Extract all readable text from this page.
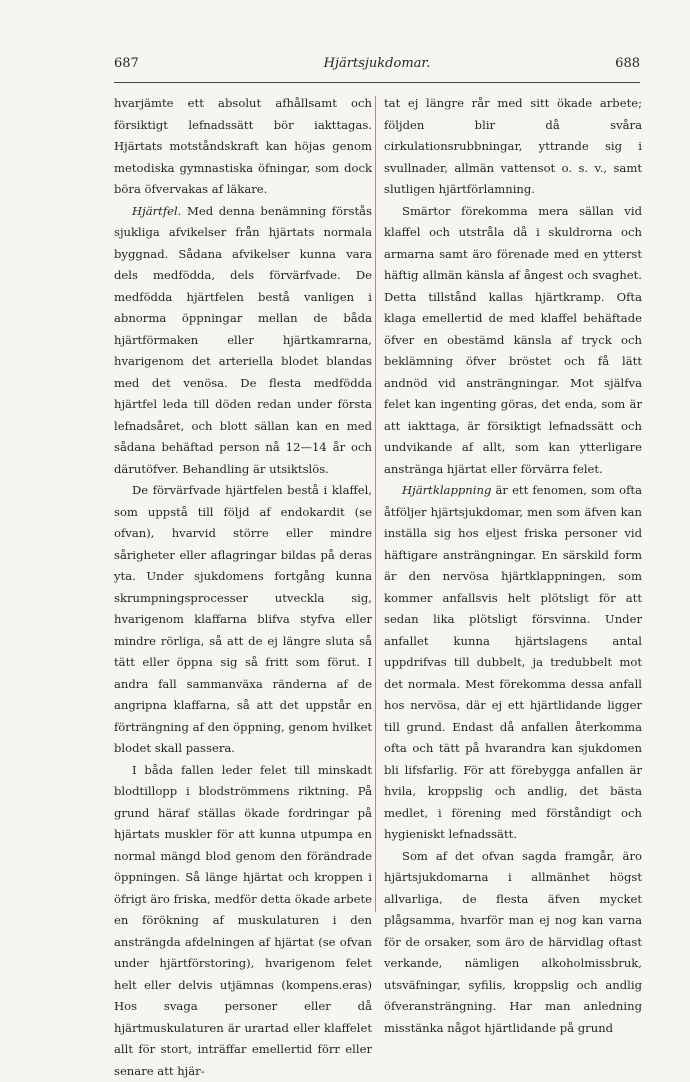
687	Hjärtsjukdomar.	688

hvarjämte ett absolut afhållsamt och försiktigt lefnadssätt bör iakttagas. Hjärtats motståndskraft kan höjas genom metodiska gymnastiska öfningar, som dock böra öfvervakas af läkare.

Hjärtfel. Med denna benämning förstås sjukliga afvikelser från hjärtats normala byggnad. Sådana afvikelser kunna vara dels medfödda, dels förvärfvade. De medfödda hjärtfelen bestå vanligen i abnorma öppningar mellan de båda hjärtförmaken eller hjärtkamrarna, hvarigenom det arteriella blodet blandas med det venösa. De flesta medfödda hjärtfel leda till döden redan under första lefnadsåret, och blott sällan kan en med sådana behäftad person nå 12—14 år och därutöfver. Behandling är utsiktslös.

De förvärfvade hjärtfelen bestå i klaffel, som uppstå till följd af endokardit (se ofvan), hvarvid större eller mindre sårigheter eller aflagringar bildas på deras yta. Under sjukdomens fortgång kunna skrumpningsprocesser utveckla sig, hvarigenom klaffarna blifva styfva eller mindre rörliga, så att de ej längre sluta så tätt eller öppna sig så fritt som förut. I andra fall sammanväxa ränderna af de angripna klaffarna, så att det uppstår en förträngning af den öppning, genom hvilket blodet skall passera.

I båda fallen leder felet till minskadt blodtillopp i blodströmmens riktning. På grund häraf ställas ökade fordringar på hjärtats muskler för att kunna utpumpa en normal mängd blod genom den förändrade öppningen. Så länge hjärtat och kroppen i öfrigt äro friska, medför detta ökade arbete en förökning af muskulaturen i den ansträngda afdelningen af hjärtat (se ofvan under hjärtförstoring), hvarigenom felet helt eller delvis utjämnas (kompens.eras) Hos svaga personer eller då hjärtmuskulaturen är urartad eller klaffelet allt för stort, inträffar emellertid förr eller senare att hjär-

tat ej längre rår med sitt ökade arbete; följden blir då svåra cirkulationsrubbningar, yttrande sig i svullnader, allmän vattensot o. s. v., samt slutligen hjärtförlamning.

Smärtor förekomma mera sällan vid klaffel och utstråla då i skuldrorna och armarna samt äro förenade med en ytterst häftig allmän känsla af ångest och svaghet. Detta tillstånd kallas hjärtkramp. Ofta klaga emellertid de med klaffel behäftade öfver en obestämd känsla af tryck och beklämning öfver bröstet och få lätt andnöd vid ansträngningar. Mot själfva felet kan ingenting göras, det enda, som är att iakttaga, är försiktigt lefnadssätt och undvikande af allt, som kan ytterligare anstränga hjärtat eller förvärra felet.

Hjärtklappning är ett fenomen, som ofta åtföljer hjärtsjukdomar, men som äfven kan inställa sig hos eljest friska personer vid häftigare ansträngningar. En särskild form är den nervösa hjärtklappningen, som kommer anfallsvis helt plötsligt för att sedan lika plötsligt försvinna. Under anfallet kunna hjärtslagens antal uppdrifvas till dubbelt, ja tredubbelt mot det normala. Mest förekomma dessa anfall hos nervösa, där ej ett hjärtlidande ligger till grund. Endast då anfallen återkomma ofta och tätt på hvarandra kan sjukdomen bli lifsfarlig. För att förebygga anfallen är hvila, kroppslig och andlig, det bästa medlet, i förening med förståndigt och hygieniskt lefnadssätt.

Som af det ofvan sagda framgår, äro hjärtsjukdomarna i allmänhet högst allvarliga, de flesta äfven mycket plågsamma, hvarför man ej nog kan varna för de orsaker, som äro de härvidlag oftast verkande, nämligen alkoholmissbruk, utsväfningar, syfilis, kroppslig och andlig öfveransträngning. Har man anledning misstänka något hjärtlidande på grund
